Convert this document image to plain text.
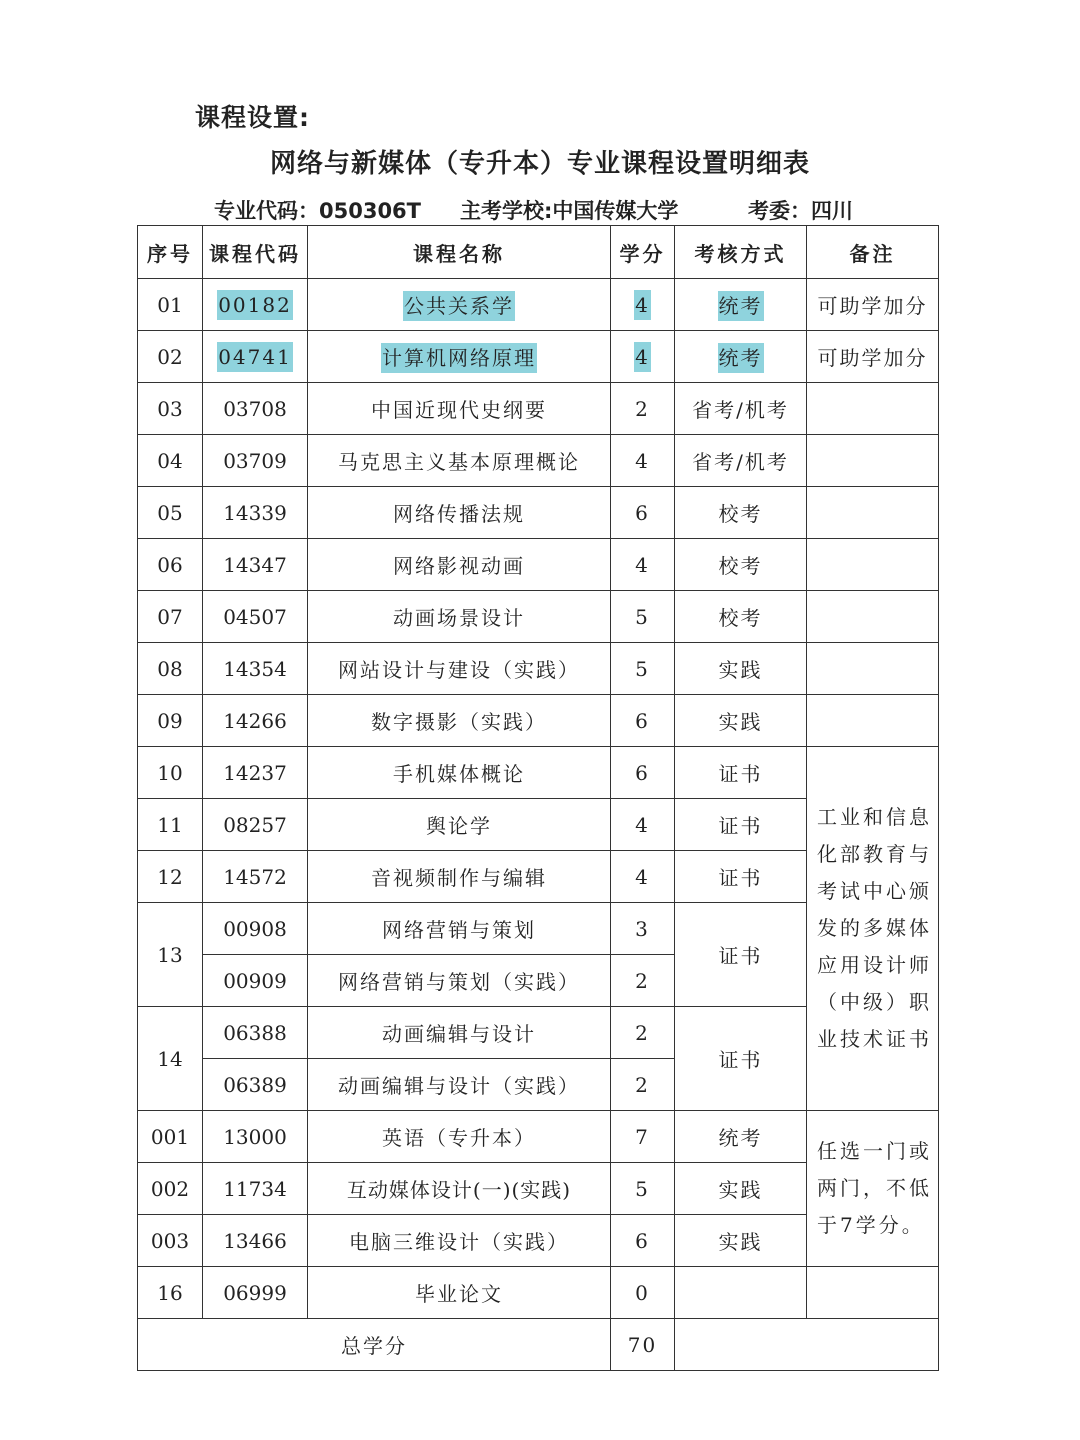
课程设置:
网络与新媒体（专升本）专业课程设置明细表
专业代码：050306T 主考学校:中国传媒大学	考委：四川
序号	课程代码	课程名称	学分	考核方式	备注
01	00182	公共关系学	4	统考	可助学加分
02	04741	计算机网络原理	4	统考	可助学加分
03	03708	中国近现代史纲要	2	省考/机考	
04	03709	马克思主义基本原理概论	4	省考/机考	
05	14339	网络传播法规	6	校考	
06	14347	网络影视动画	4	校考	
07	04507	动画场景设计	5	校考	
08	14354	网站设计与建设（实践）	5	实践	
09	14266	数字摄影（实践）	6	实践	
10	14237	手机媒体概论	6	证书	工业和信息化部教育与考试中心颁发的多媒体应用设计师（中级）职业技术证书
11	08257	舆论学	4	证书	
12	14572	音视频制作与编辑	4	证书	
13	00908	网络营销与策划	3	证书	
	00909	网络营销与策划（实践）	2		
14	06388	动画编辑与设计	2	证书	
	06389	动画编辑与设计（实践）	2		
001	13000	英语（专升本）	7	统考	任选一门或两门，不低于7学分。
002	11734	互动媒体设计(一)(实践)	5	实践	
003	13466	电脑三维设计（实践）	6	实践	
16	06999	毕业论文	0		
总学分			70		
